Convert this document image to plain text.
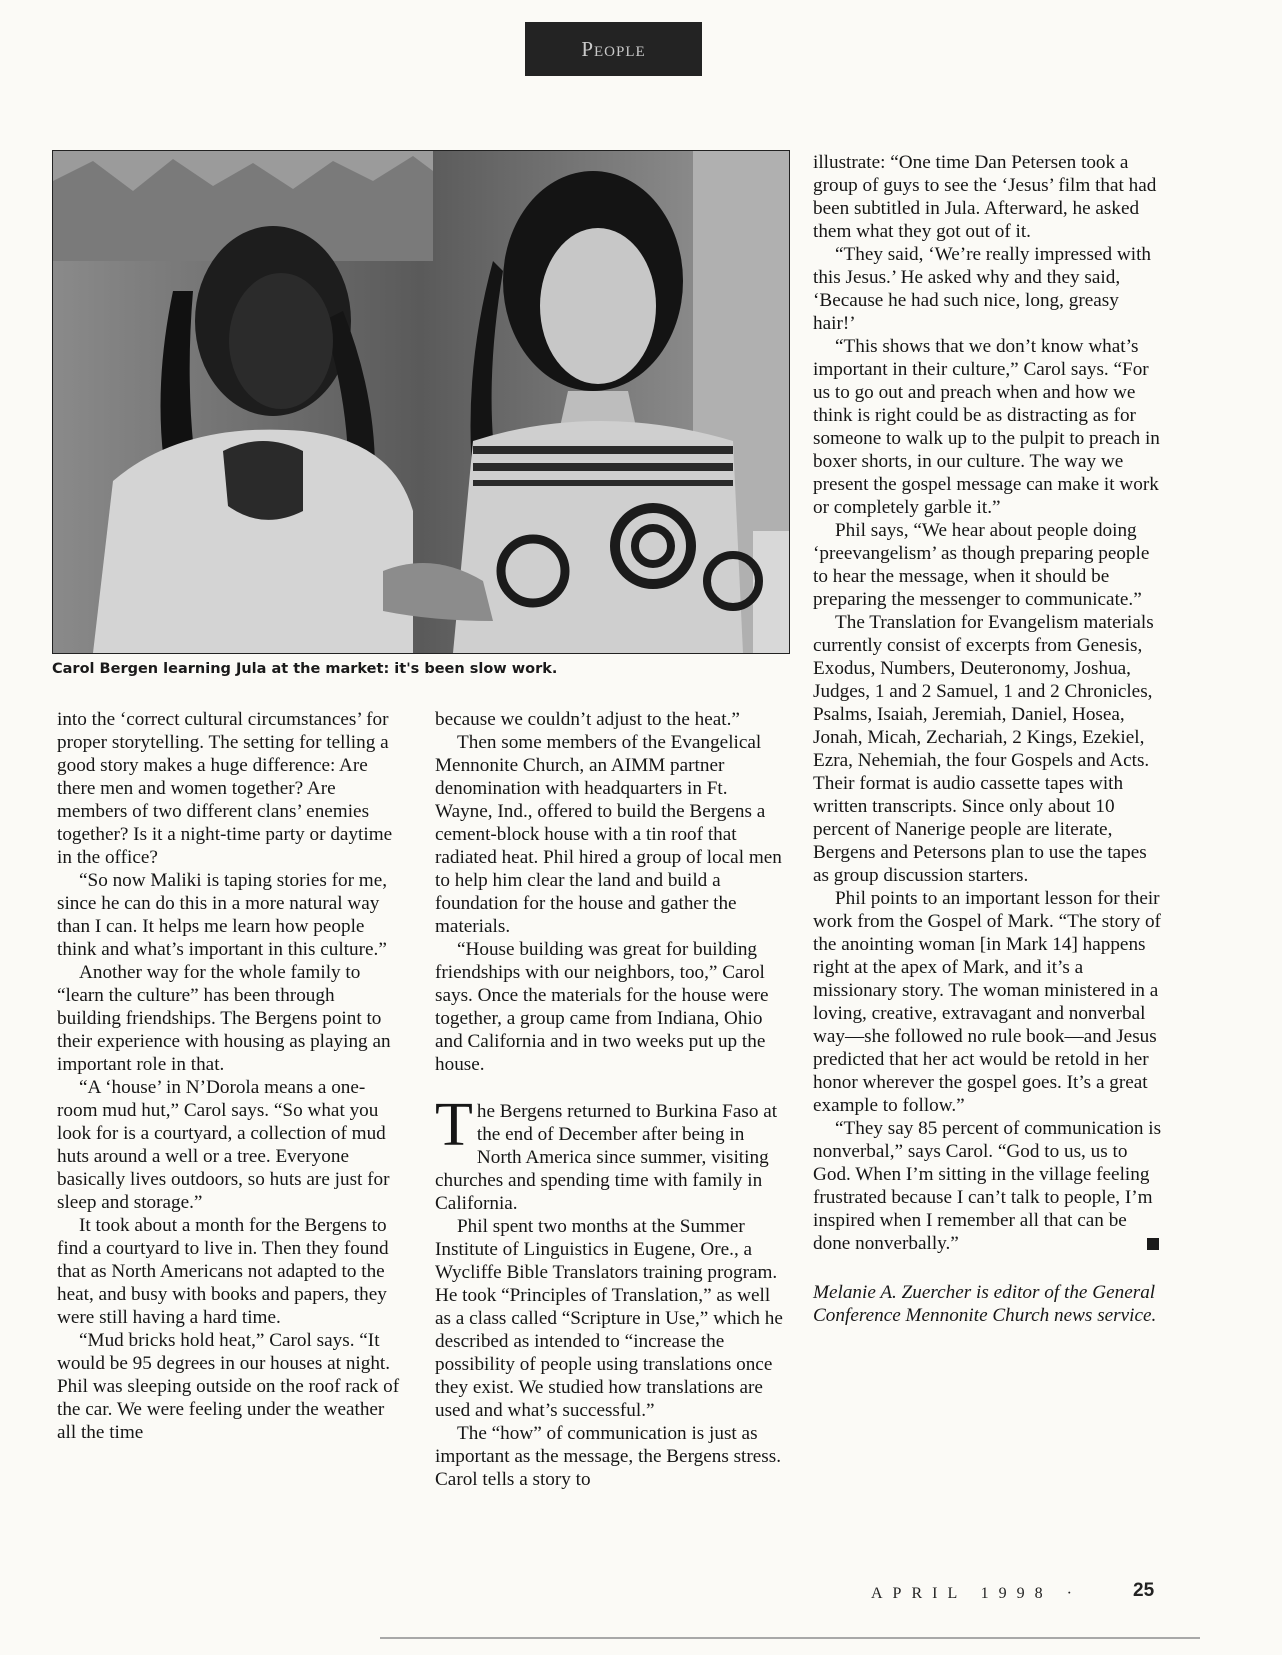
People
Carol Bergen learning Jula at the market: it's been slow work.

into the ‘correct cultural circumstances’ for proper storytelling. The setting for telling a good story makes a huge difference: Are there men and women together? Are members of two different clans’ enemies together? Is it a night-time party or daytime in the office?

“So now Maliki is taping stories for me, since he can do this in a more natural way than I can. It helps me learn how people think and what’s important in this culture.”

Another way for the whole family to “learn the culture” has been through building friendships. The Bergens point to their experience with housing as playing an important role in that.

“A ‘house’ in N’Dorola means a one-room mud hut,” Carol says. “So what you look for is a courtyard, a collection of mud huts around a well or a tree. Everyone basically lives outdoors, so huts are just for sleep and storage.”

It took about a month for the Bergens to find a courtyard to live in. Then they found that as North Americans not adapted to the heat, and busy with books and papers, they were still having a hard time.

“Mud bricks hold heat,” Carol says. “It would be 95 degrees in our houses at night. Phil was sleeping outside on the roof rack of the car. We were feeling under the weather all the time

because we couldn’t adjust to the heat.”

Then some members of the Evangelical Mennonite Church, an AIMM partner denomination with headquarters in Ft. Wayne, Ind., offered to build the Bergens a cement-block house with a tin roof that radiated heat. Phil hired a group of local men to help him clear the land and build a foundation for the house and gather the materials.

“House building was great for building friendships with our neighbors, too,” Carol says. Once the materials for the house were together, a group came from Indiana, Ohio and California and in two weeks put up the house.

The Bergens returned to Burkina Faso at the end of December after being in North America since summer, visiting churches and spending time with family in California.

Phil spent two months at the Summer Institute of Linguistics in Eugene, Ore., a Wycliffe Bible Translators training program. He took “Principles of Translation,” as well as a class called “Scripture in Use,” which he described as intended to “increase the possibility of people using translations once they exist. We studied how translations are used and what’s successful.”

The “how” of communication is just as important as the message, the Bergens stress. Carol tells a story to

illustrate: “One time Dan Petersen took a group of guys to see the ‘Jesus’ film that had been subtitled in Jula. Afterward, he asked them what they got out of it.

“They said, ‘We’re really impressed with this Jesus.’ He asked why and they said, ‘Because he had such nice, long, greasy hair!’

“This shows that we don’t know what’s important in their culture,” Carol says. “For us to go out and preach when and how we think is right could be as distracting as for someone to walk up to the pulpit to preach in boxer shorts, in our culture. The way we present the gospel message can make it work or completely garble it.”

Phil says, “We hear about people doing ‘preevangelism’ as though preparing people to hear the message, when it should be preparing the messenger to communicate.”

The Translation for Evangelism materials currently consist of excerpts from Genesis, Exodus, Numbers, Deuteronomy, Joshua, Judges, 1 and 2 Samuel, 1 and 2 Chronicles, Psalms, Isaiah, Jeremiah, Daniel, Hosea, Jonah, Micah, Zechariah, 2 Kings, Ezekiel, Ezra, Nehemiah, the four Gospels and Acts. Their format is audio cassette tapes with written transcripts. Since only about 10 percent of Nanerige people are literate, Bergens and Petersons plan to use the tapes as group discussion starters.

Phil points to an important lesson for their work from the Gospel of Mark. “The story of the anointing woman [in Mark 14] happens right at the apex of Mark, and it’s a missionary story. The woman ministered in a loving, creative, extravagant and nonverbal way—she followed no rule book—and Jesus predicted that her act would be retold in her honor wherever the gospel goes. It’s a great example to follow.”

“They say 85 percent of communication is nonverbal,” says Carol. “God to us, us to God. When I’m sitting in the village feeling frustrated because I can’t talk to people, I’m inspired when I remember all that can be done nonverbally.”

Melanie A. Zuercher is editor of the General Conference Mennonite Church news service.

APRIL 1998 ·	25
